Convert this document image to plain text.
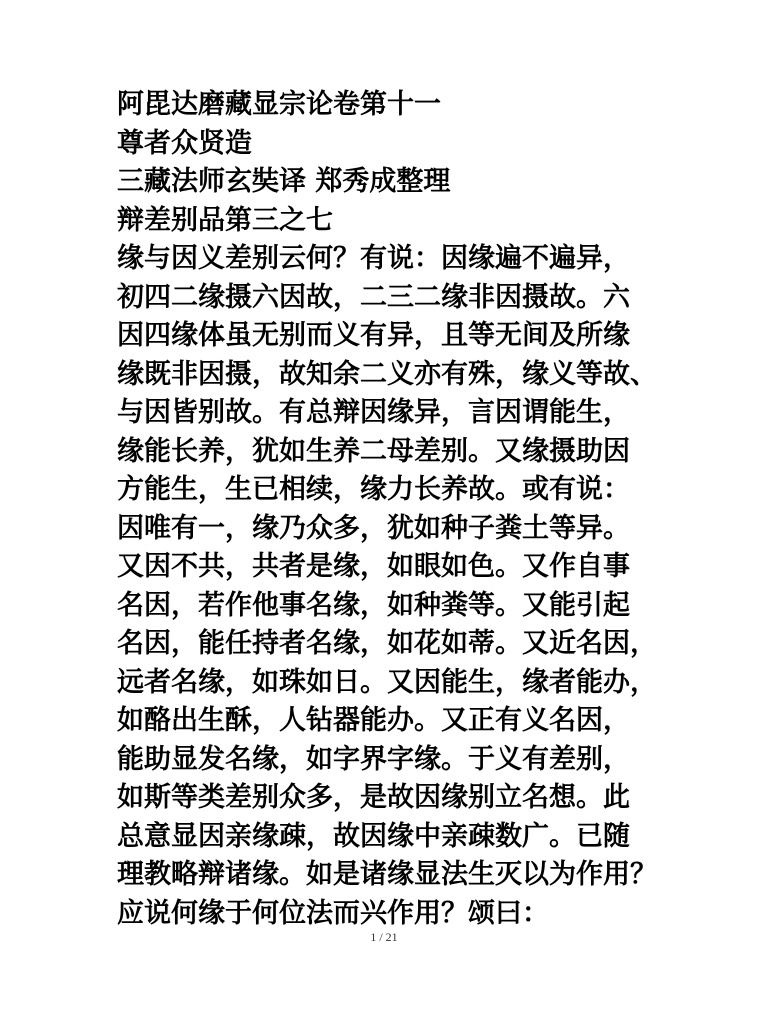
阿毘达磨藏显宗论卷第十一
尊者众贤造
三藏法师玄奘译 郑秀成整理
辩差别品第三之七
缘与因义差别云何？有说：因缘遍不遍异，
初四二缘摄六因故，二三二缘非因摄故。六
因四缘体虽无别而义有异，且等无间及所缘
缘既非因摄，故知余二义亦有殊，缘义等故、
与因皆别故。有总辩因缘异，言因谓能生，
缘能长养，犹如生养二母差别。又缘摄助因
方能生，生已相续，缘力长养故。或有说：
因唯有一，缘乃众多，犹如种子粪土等异。
又因不共，共者是缘，如眼如色。又作自事
名因，若作他事名缘，如种粪等。又能引起
名因，能任持者名缘，如花如蒂。又近名因，
远者名缘，如珠如日。又因能生，缘者能办，
如酪出生酥，人钻器能办。又正有义名因，
能助显发名缘，如字界字缘。于义有差别，
如斯等类差别众多，是故因缘别立名想。此
总意显因亲缘疎，故因缘中亲疎数广。已随
理教略辩诸缘。如是诸缘显法生灭以为作用？
应说何缘于何位法而兴作用？颂曰：
1 / 21
